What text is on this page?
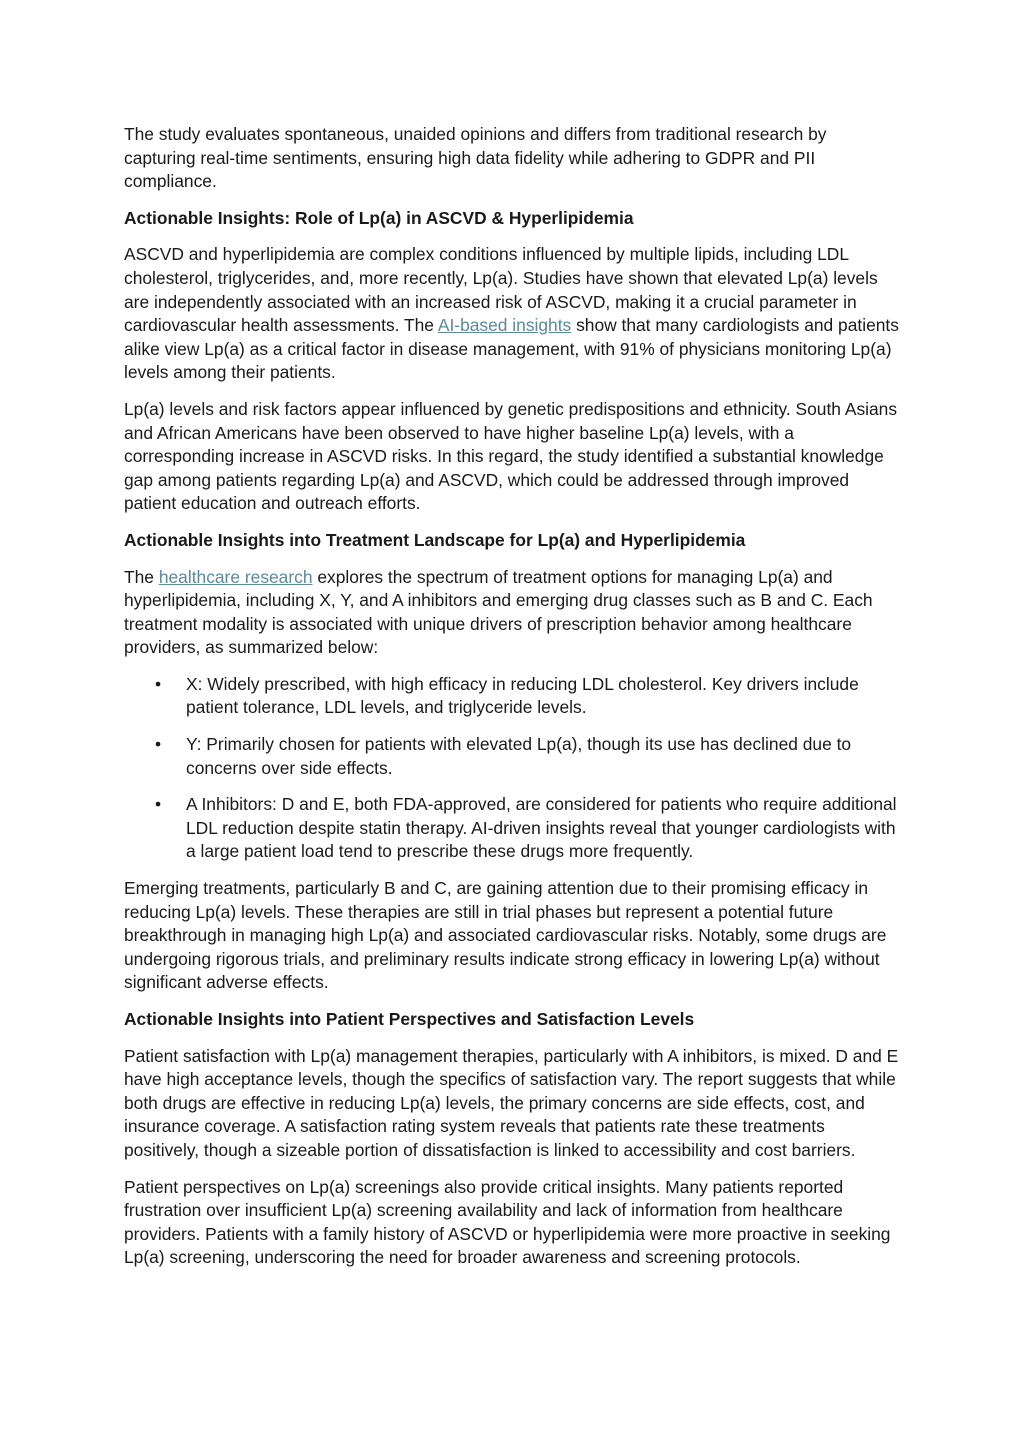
The study evaluates spontaneous, unaided opinions and differs from traditional research by capturing real-time sentiments, ensuring high data fidelity while adhering to GDPR and PII compliance.

Actionable Insights: Role of Lp(a) in ASCVD & Hyperlipidemia

ASCVD and hyperlipidemia are complex conditions influenced by multiple lipids, including LDL cholesterol, triglycerides, and, more recently, Lp(a). Studies have shown that elevated Lp(a) levels are independently associated with an increased risk of ASCVD, making it a crucial parameter in cardiovascular health assessments. The AI-based insights show that many cardiologists and patients alike view Lp(a) as a critical factor in disease management, with 91% of physicians monitoring Lp(a) levels among their patients.

Lp(a) levels and risk factors appear influenced by genetic predispositions and ethnicity. South Asians and African Americans have been observed to have higher baseline Lp(a) levels, with a corresponding increase in ASCVD risks. In this regard, the study identified a substantial knowledge gap among patients regarding Lp(a) and ASCVD, which could be addressed through improved patient education and outreach efforts.

Actionable Insights into Treatment Landscape for Lp(a) and Hyperlipidemia

The healthcare research explores the spectrum of treatment options for managing Lp(a) and hyperlipidemia, including X, Y, and A inhibitors and emerging drug classes such as B and C. Each treatment modality is associated with unique drivers of prescription behavior among healthcare providers, as summarized below:

• X: Widely prescribed, with high efficacy in reducing LDL cholesterol. Key drivers include patient tolerance, LDL levels, and triglyceride levels.
• Y: Primarily chosen for patients with elevated Lp(a), though its use has declined due to concerns over side effects.
• A Inhibitors: D and E, both FDA-approved, are considered for patients who require additional LDL reduction despite statin therapy. AI-driven insights reveal that younger cardiologists with a large patient load tend to prescribe these drugs more frequently.

Emerging treatments, particularly B and C, are gaining attention due to their promising efficacy in reducing Lp(a) levels. These therapies are still in trial phases but represent a potential future breakthrough in managing high Lp(a) and associated cardiovascular risks. Notably, some drugs are undergoing rigorous trials, and preliminary results indicate strong efficacy in lowering Lp(a) without significant adverse effects.

Actionable Insights into Patient Perspectives and Satisfaction Levels

Patient satisfaction with Lp(a) management therapies, particularly with A inhibitors, is mixed. D and E have high acceptance levels, though the specifics of satisfaction vary. The report suggests that while both drugs are effective in reducing Lp(a) levels, the primary concerns are side effects, cost, and insurance coverage. A satisfaction rating system reveals that patients rate these treatments positively, though a sizeable portion of dissatisfaction is linked to accessibility and cost barriers.

Patient perspectives on Lp(a) screenings also provide critical insights. Many patients reported frustration over insufficient Lp(a) screening availability and lack of information from healthcare providers. Patients with a family history of ASCVD or hyperlipidemia were more proactive in seeking Lp(a) screening, underscoring the need for broader awareness and screening protocols.
